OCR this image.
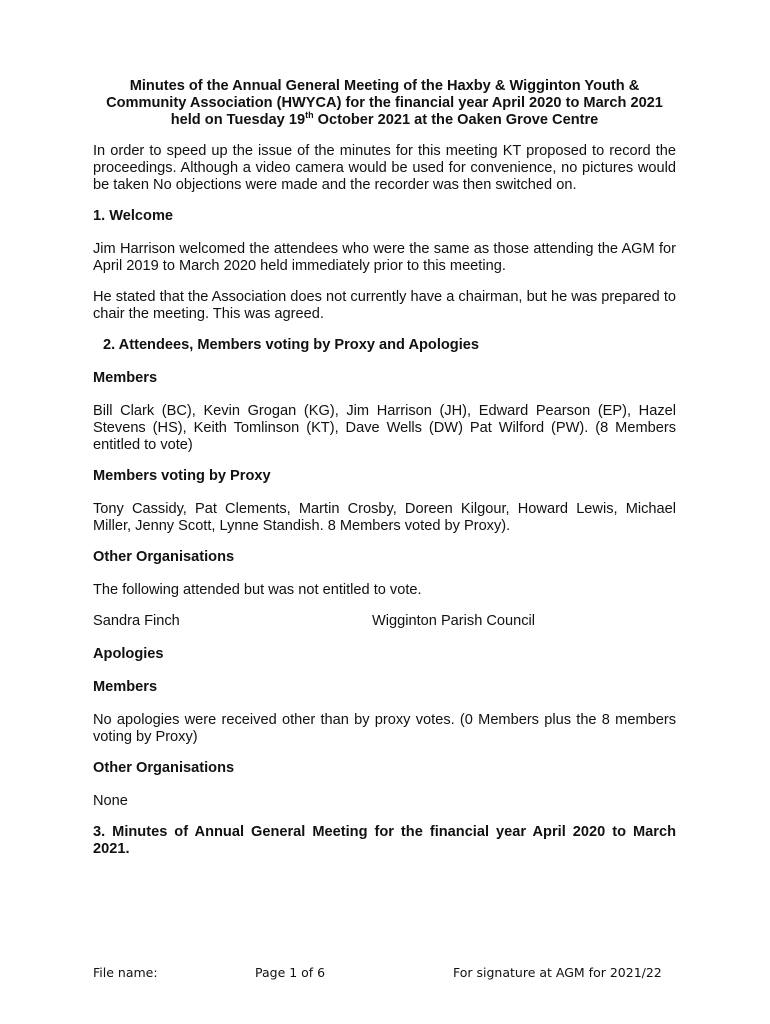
Minutes of the Annual General Meeting of the Haxby & Wigginton Youth & Community Association (HWYCA) for the financial year April 2020 to March 2021 held on Tuesday 19th October 2021 at the Oaken Grove Centre

In order to speed up the issue of the minutes for this meeting KT proposed to record the proceedings. Although a video camera would be used for convenience, no pictures would be taken No objections were made and the recorder was then switched on.

1. Welcome

Jim Harrison welcomed the attendees who were the same as those attending the AGM for April 2019 to March 2020 held immediately prior to this meeting.

He stated that the Association does not currently have a chairman, but he was prepared to chair the meeting. This was agreed.

2. Attendees, Members voting by Proxy and Apologies
Members

Bill Clark (BC), Kevin Grogan (KG), Jim Harrison (JH), Edward Pearson (EP), Hazel Stevens (HS), Keith Tomlinson (KT), Dave Wells (DW) Pat Wilford (PW). (8 Members entitled to vote)

Members voting by Proxy

Tony Cassidy, Pat Clements, Martin Crosby, Doreen Kilgour, Howard Lewis, Michael Miller, Jenny Scott, Lynne Standish. 8 Members voted by Proxy).

Other Organisations

The following attended but was not entitled to vote.

Sandra Finch	Wigginton Parish Council
Apologies
Members

No apologies were received other than by proxy votes. (0 Members plus the 8 members voting by Proxy)

Other Organisations

None

3. Minutes of Annual General Meeting for the financial year April 2020 to March 2021.
File name:	Page 1 of 6	For signature at AGM for 2021/22
